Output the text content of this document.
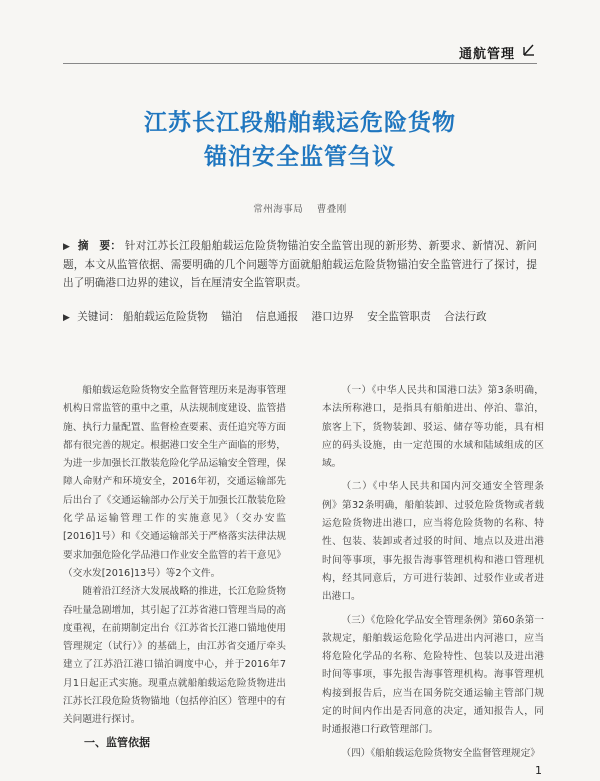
通航管理
江苏长江段船舶载运危险货物
锚泊安全监管刍议
常州海事局 曹叠刚

▶ 摘　要： 针对江苏长江段船舶载运危险货物锚泊安全监管出现的新形势、新要求、新情况、新问题，本文从监管依据、需要明确的几个问题等方面就船舶载运危险货物锚泊安全监管进行了探讨，提出了明确港口边界的建议，旨在厘清安全监管职责。

▶ 关键词： 船舶载运危险货物 锚泊 信息通报 港口边界 安全监管职责 合法行政

船舶载运危险货物安全监督管理历来是海事管理机构日常监管的重中之重，从法规制度建设、监管措施、执行力量配置、监督检查要素、责任追究等方面都有很完善的规定。根据港口安全生产面临的形势，为进一步加强长江散装危险化学品运输安全管理，保障人命财产和环境安全，2016年初，交通运输部先后出台了《交通运输部办公厅关于加强长江散装危险化学品运输管理工作的实施意见》（交办安监[2016]1号）和《交通运输部关于严格落实法律法规要求加强危险化学品港口作业安全监管的若干意见》（交水发[2016]13号）等2个文件。

随着沿江经济大发展战略的推进，长江危险货物吞吐量急剧增加，其引起了江苏省港口管理当局的高度重视，在前期制定出台《江苏省长江港口锚地使用管理规定（试行）》的基础上，由江苏省交通厅牵头建立了江苏沿江港口锚泊调度中心，并于2016年7月1日起正式实施。现重点就船舶载运危险货物进出江苏长江段危险货物锚地（包括停泊区）管理中的有关问题进行探讨。

一、监管依据

（一）《中华人民共和国港口法》第3条明确，本法所称港口，是指具有船舶进出、停泊、靠泊，旅客上下，货物装卸、驳运、储存等功能，具有相应的码头设施，由一定范围的水域和陆域组成的区域。

（二）《中华人民共和国内河交通安全管理条例》第32条明确，船舶装卸、过驳危险货物或者载运危险货物进出港口，应当将危险货物的名称、特性、包装、装卸或者过驳的时间、地点以及进出港时间等事项，事先报告海事管理机构和港口管理机构，经其同意后，方可进行装卸、过驳作业或者进出港口。

（三）《危险化学品安全管理条例》第60条第一款规定，船舶载运危险化学品进出内河港口，应当将危险化学品的名称、危险特性、包装以及进出港时间等事项，事先报告海事管理机构。海事管理机构接到报告后，应当在国务院交通运输主管部门规定的时间内作出是否同意的决定，通知报告人，同时通报港口行政管理部门。

（四）《船舶载运危险货物安全监督管理规定》

1
